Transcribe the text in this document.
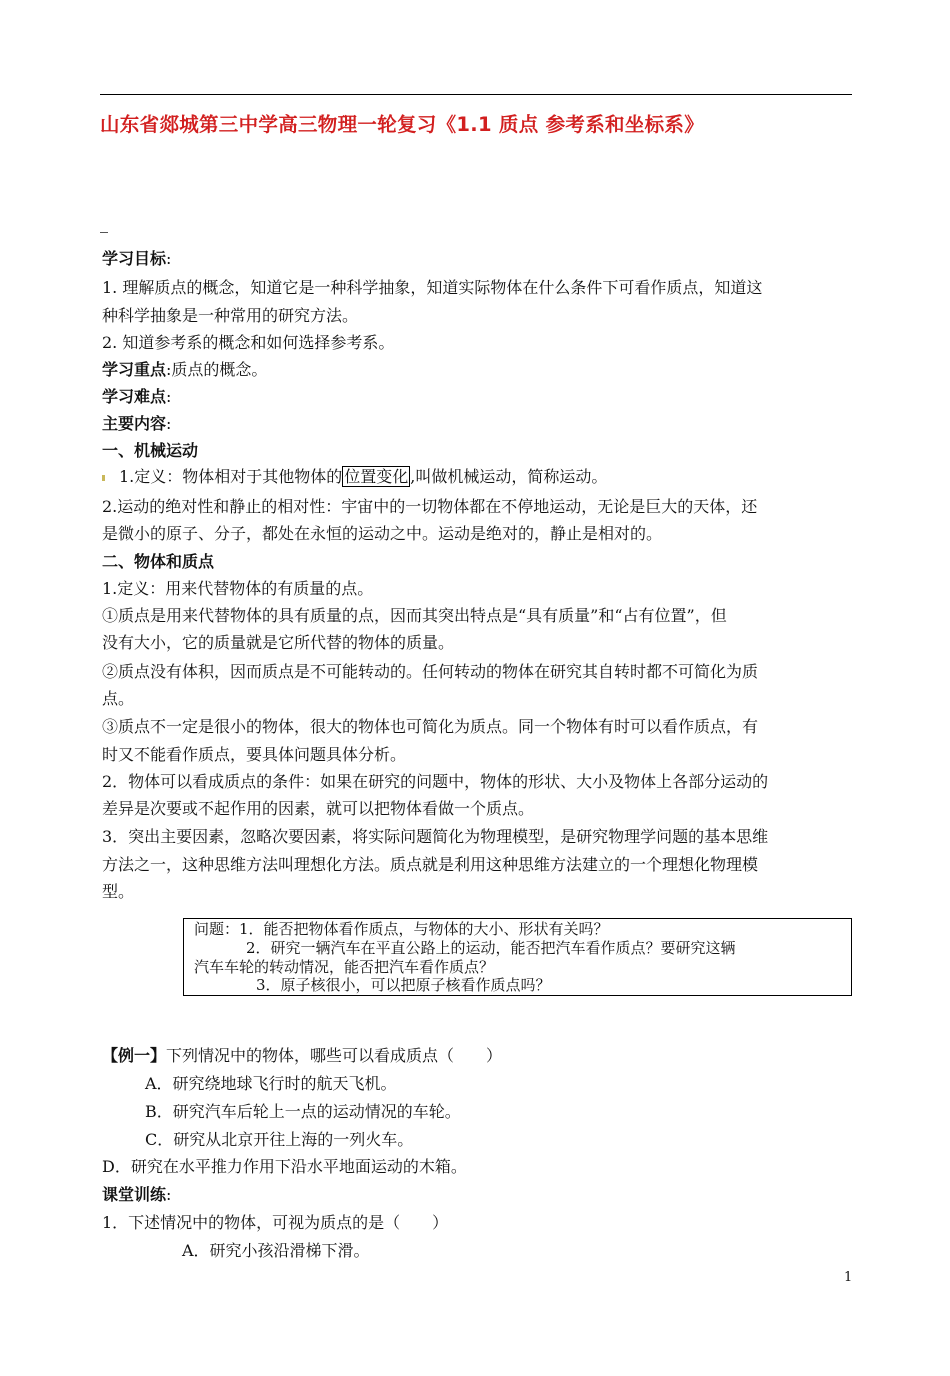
山东省郯城第三中学高三物理一轮复习《1.1 质点 参考系和坐标系》
学习目标:
1. 理解质点的概念，知道它是一种科学抽象，知道实际物体在什么条件下可看作质点，知道这
种科学抽象是一种常用的研究方法。
2. 知道参考系的概念和如何选择参考系。
学习重点:质点的概念。
学习难点:
主要内容:
一、机械运动
1.定义：物体相对于其他物体的 位置变化 ,叫做机械运动，简称运动。
2.运动的绝对性和静止的相对性：宇宙中的一切物体都在不停地运动，无论是巨大的天体，还
是微小的原子、分子，都处在永恒的运动之中。运动是绝对的，静止是相对的。
二、物体和质点
1.定义：用来代替物体的有质量的点。
①质点是用来代替物体的具有质量的点，因而其突出特点是“具有质量”和“占有位置”，但
没有大小，它的质量就是它所代替的物体的质量。
②质点没有体积，因而质点是不可能转动的。任何转动的物体在研究其自转时都不可简化为质
点。
③质点不一定是很小的物体，很大的物体也可简化为质点。同一个物体有时可以看作质点，有
时又不能看作质点，要具体问题具体分析。
2．物体可以看成质点的条件：如果在研究的问题中，物体的形状、大小及物体上各部分运动的
差异是次要或不起作用的因素，就可以把物体看做一个质点。
3．突出主要因素，忽略次要因素，将实际问题简化为物理模型，是研究物理学问题的基本思维
方法之一，这种思维方法叫理想化方法。质点就是利用这种思维方法建立的一个理想化物理模
型。
问题：1．能否把物体看作质点，与物体的大小、形状有关吗？
2．研究一辆汽车在平直公路上的运动，能否把汽车看作质点？要研究这辆
汽车车轮的转动情况，能否把汽车看作质点？
3．原子核很小，可以把原子核看作质点吗？
【例一】下列情况中的物体，哪些可以看成质点（　　）
A．研究绕地球飞行时的航天飞机。
B．研究汽车后轮上一点的运动情况的车轮。
C．研究从北京开往上海的一列火车。
D．研究在水平推力作用下沿水平地面运动的木箱。
课堂训练:
1．下述情况中的物体，可视为质点的是（　　）
A．研究小孩沿滑梯下滑。
1
